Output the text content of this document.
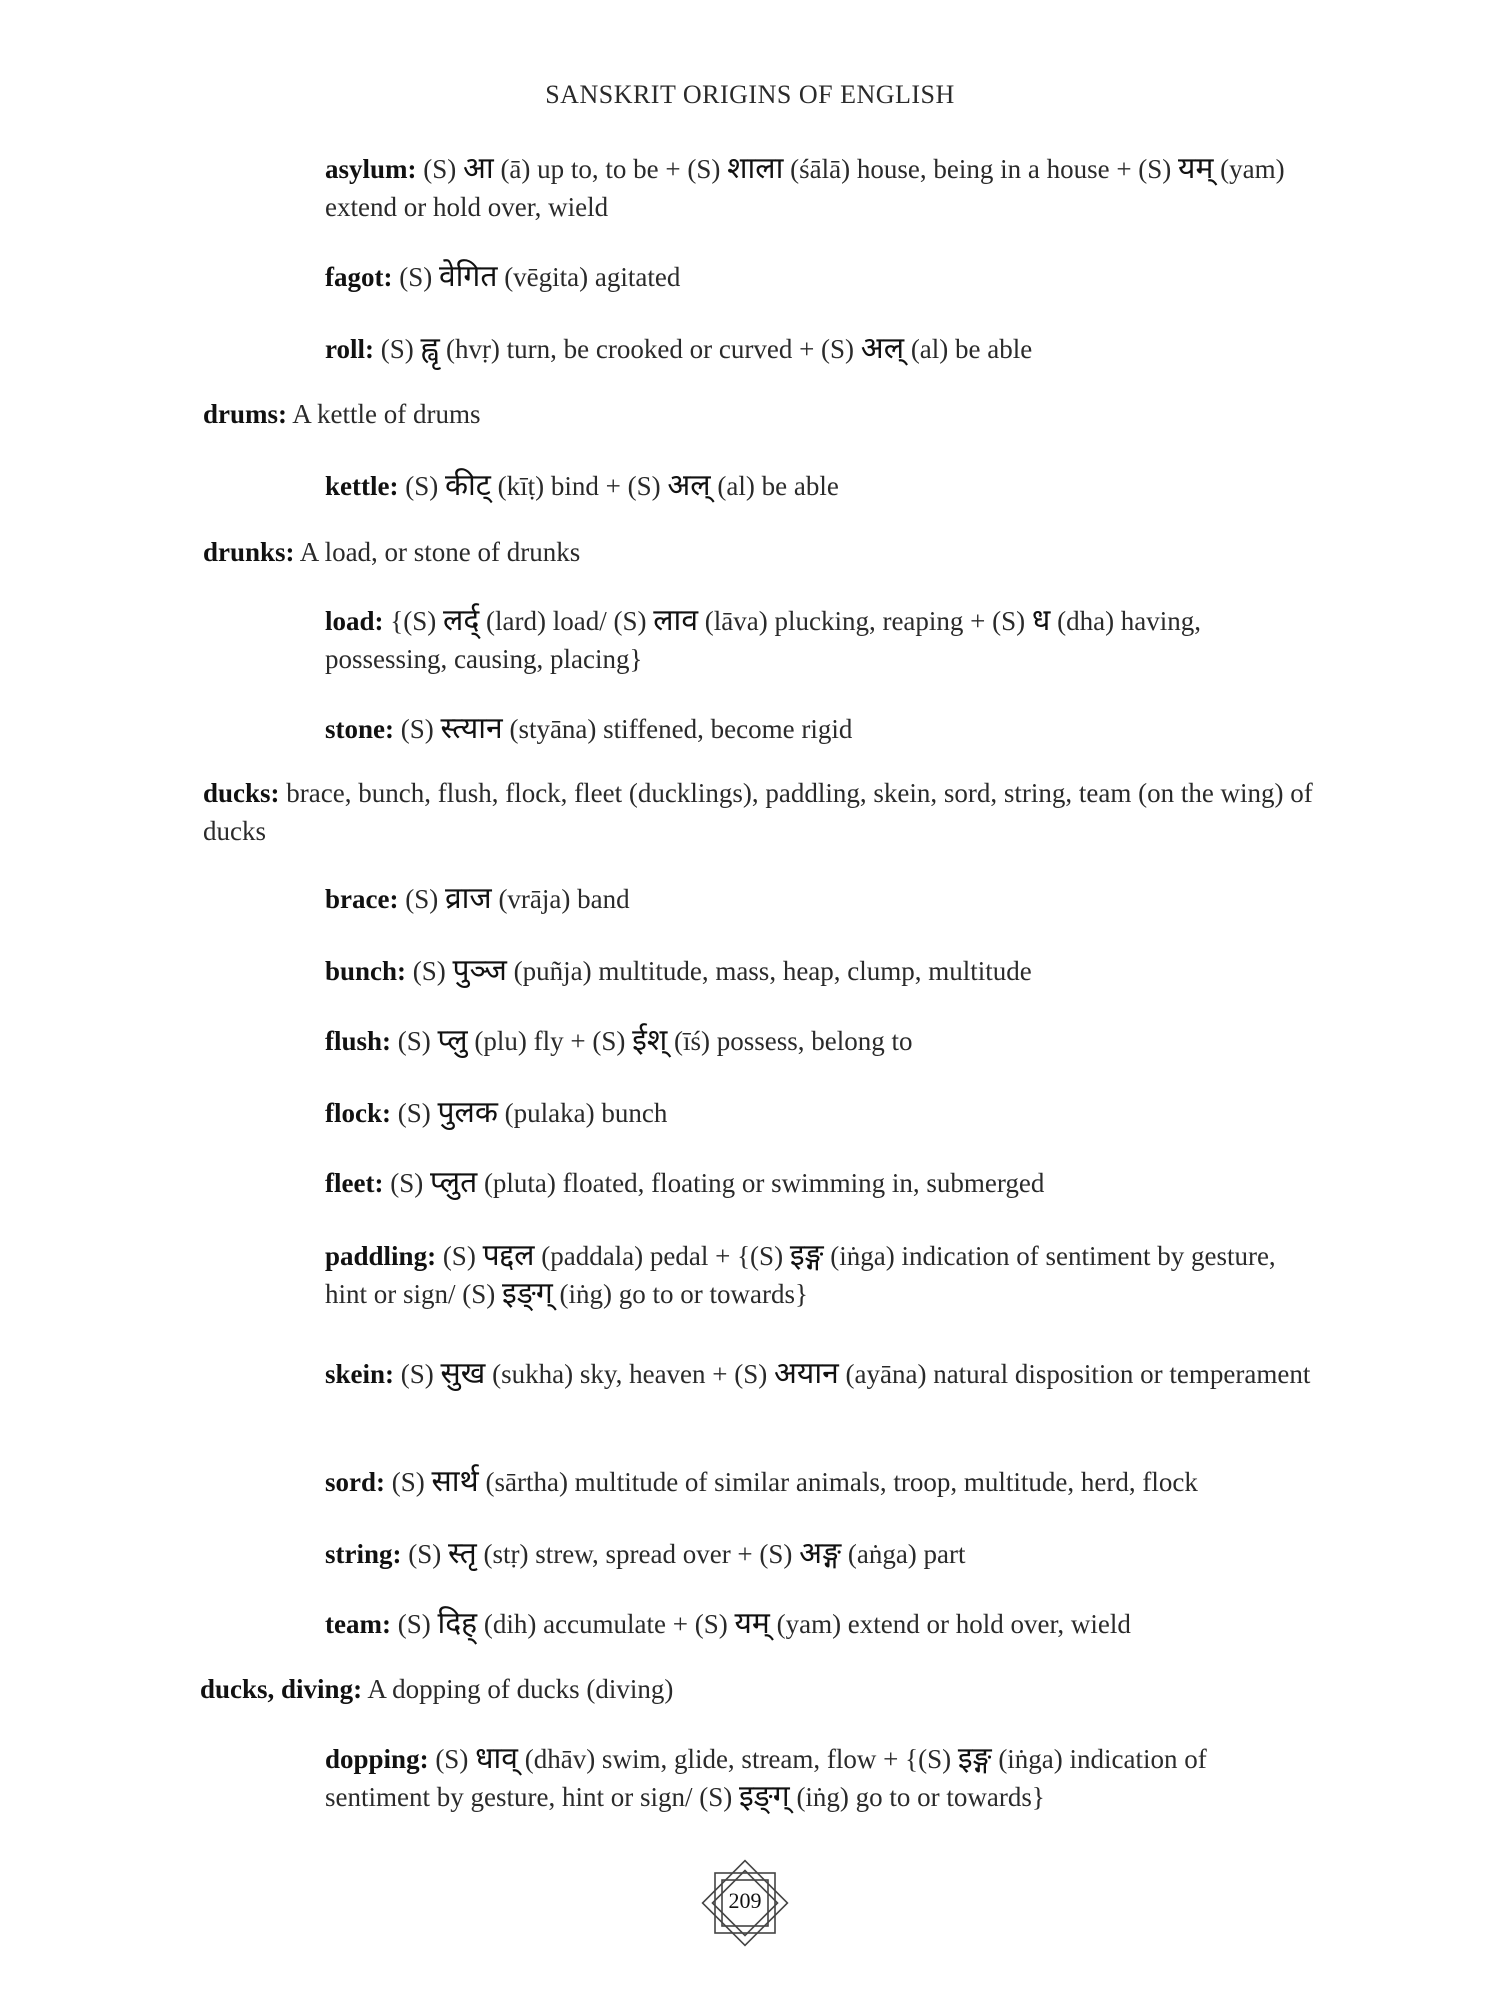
SANSKRIT ORIGINS OF ENGLISH
asylum: (S) आ (ā) up to, to be + (S) शाला (śālā) house, being in a house + (S) यम् (yam) extend or hold over, wield
fagot: (S) वेगित (vēgita) agitated
roll: (S) ह्वृ (hvṛ) turn, be crooked or curved + (S) अल् (al) be able
drums: A kettle of drums
kettle: (S) कीट् (kīṭ) bind + (S) अल् (al) be able
drunks: A load, or stone of drunks
load: {(S) लर्द् (lard) load/ (S) लाव (lāva) plucking, reaping + (S) ध (dha) having, possessing, causing, placing}
stone: (S) स्त्यान (styāna) stiffened, become rigid
ducks: brace, bunch, flush, flock, fleet (ducklings), paddling, skein, sord, string, team (on the wing) of ducks
brace: (S) व्राज (vrāja) band
bunch: (S) पुञ्ज (puñja) multitude, mass, heap, clump, multitude
flush: (S) प्लु (plu) fly + (S) ईश् (īś) possess, belong to
flock: (S) पुलक (pulaka) bunch
fleet: (S) प्लुत (pluta) floated, floating or swimming in, submerged
paddling: (S) पद्दल (paddala) pedal + {(S) इङ्ग (iṅga) indication of sentiment by gesture, hint or sign/ (S) इङ्ग् (iṅg) go to or towards}
skein: (S) सुख (sukha) sky, heaven + (S) अयान (ayāna) natural disposition or temperament
sord: (S) सार्थ (sārtha) multitude of similar animals, troop, multitude, herd, flock
string: (S) स्तृ (stṛ) strew, spread over + (S) अङ्ग (aṅga) part
team: (S) दिह् (dih) accumulate + (S) यम् (yam) extend or hold over, wield
ducks, diving: A dopping of ducks (diving)
dopping: (S) धाव् (dhāv) swim, glide, stream, flow + {(S) इङ्ग (iṅga) indication of sentiment by gesture, hint or sign/ (S) इङ्ग् (iṅg) go to or towards}
209
